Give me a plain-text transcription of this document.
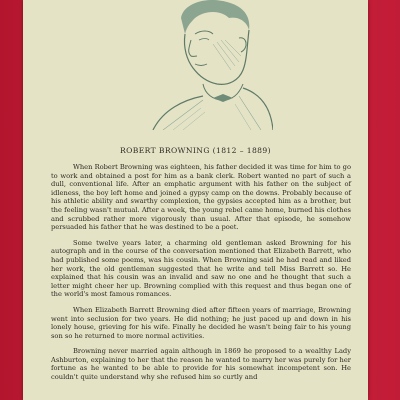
ROBERT BROWNING (1812 – 1889)

When Robert Browning was eighteen, his father decided it was time for him to go to work and obtained a post for him as a bank clerk. Robert wanted no part of such a dull, conventional life. After an emphatic argument with his father on the subject of idleness, the boy left home and joined a gypsy camp on the downs. Probably because of his athletic ability and swarthy complexion, the gypsies accepted him as a brother, but the feeling wasn't mutual. After a week, the young rebel came home, burned his clothes and scrubbed rather more vigorously than usual. After that episode, he somehow persuaded his father that he was destined to be a poet.

Some twelve years later, a charming old gentleman asked Browning for his autograph and in the course of the conversation mentioned that Elizabeth Barrett, who had published some poems, was his cousin. When Browning said he had read and liked her work, the old gentleman suggested that he write and tell Miss Barrett so. He explained that his cousin was an invalid and saw no one and he thought that such a letter might cheer her up. Browning complied with this request and thus began one of the world's most famous romances.

When Elizabeth Barrett Browning died after fifteen years of marriage, Browning went into seclusion for two years. He did nothing; he just paced up and down in his lonely house, grieving for his wife. Finally he decided he wasn't being fair to his young son so he returned to more normal activities.

Browning never married again although in 1869 he proposed to a wealthy Lady Ashburton, explaining to her that the reason he wanted to marry her was purely for her fortune as he wanted to be able to provide for his somewhat incompetent son. He couldn't quite understand why she refused him so curtly and
